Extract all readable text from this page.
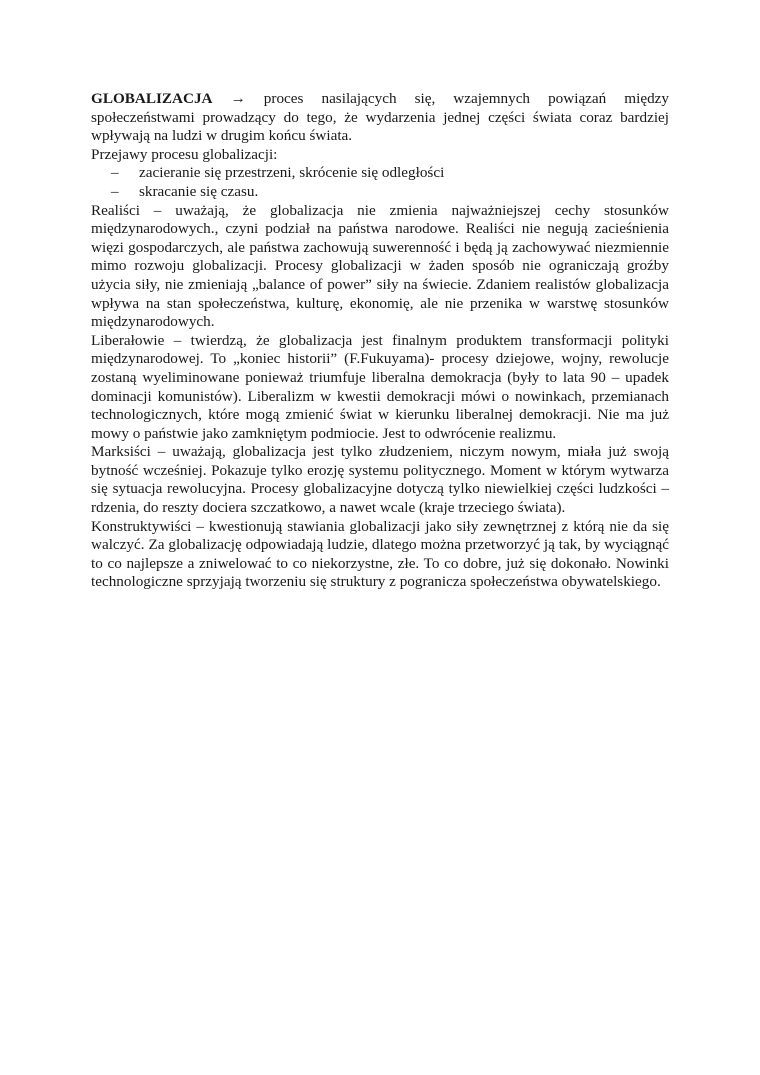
GLOBALIZACJA → proces nasilających się, wzajemnych powiązań między społeczeństwami prowadzący do tego, że wydarzenia jednej części świata coraz bardziej wpływają na ludzi w drugim końcu świata.

Przejawy procesu globalizacji:

– zacieranie się przestrzeni, skrócenie się odległości
– skracanie się czasu.

Realiści – uważają, że globalizacja nie zmienia najważniejszej cechy stosunków międzynarodowych., czyni podział na państwa narodowe. Realiści nie negują zacieśnienia więzi gospodarczych, ale państwa zachowują suwerenność i będą ją zachowywać niezmiennie mimo rozwoju globalizacji. Procesy globalizacji w żaden sposób nie ograniczają groźby użycia siły, nie zmieniają „balance of power” siły na świecie. Zdaniem realistów globalizacja wpływa na stan społeczeństwa, kulturę, ekonomię, ale nie przenika w warstwę stosunków międzynarodowych.

Liberałowie – twierdzą, że globalizacja jest finalnym produktem transformacji polityki międzynarodowej. To „koniec historii” (F.Fukuyama)- procesy dziejowe, wojny, rewolucje zostaną wyeliminowane ponieważ triumfuje liberalna demokracja (były to lata 90 – upadek dominacji komunistów). Liberalizm w kwestii demokracji mówi o nowinkach, przemianach technologicznych, które mogą zmienić świat w kierunku liberalnej demokracji. Nie ma już mowy o państwie jako zamkniętym podmiocie. Jest to odwrócenie realizmu.

Marksiści – uważają, globalizacja jest tylko złudzeniem, niczym nowym, miała już swoją bytność wcześniej. Pokazuje tylko erozję systemu politycznego. Moment w którym wytwarza się sytuacja rewolucyjna. Procesy globalizacyjne dotyczą tylko niewielkiej części ludzkości – rdzenia, do reszty dociera szczatkowo, a nawet wcale (kraje trzeciego świata).

Konstruktywiści – kwestionują stawiania globalizacji jako siły zewnętrznej z którą nie da się walczyć. Za globalizację odpowiadają ludzie, dlatego można przetworzyć ją tak, by wyciągnąć to co najlepsze a zniwelować to co niekorzystne, złe. To co dobre, już się dokonało. Nowinki technologiczne sprzyjają tworzeniu się struktury z pogranicza społeczeństwa obywatelskiego.
